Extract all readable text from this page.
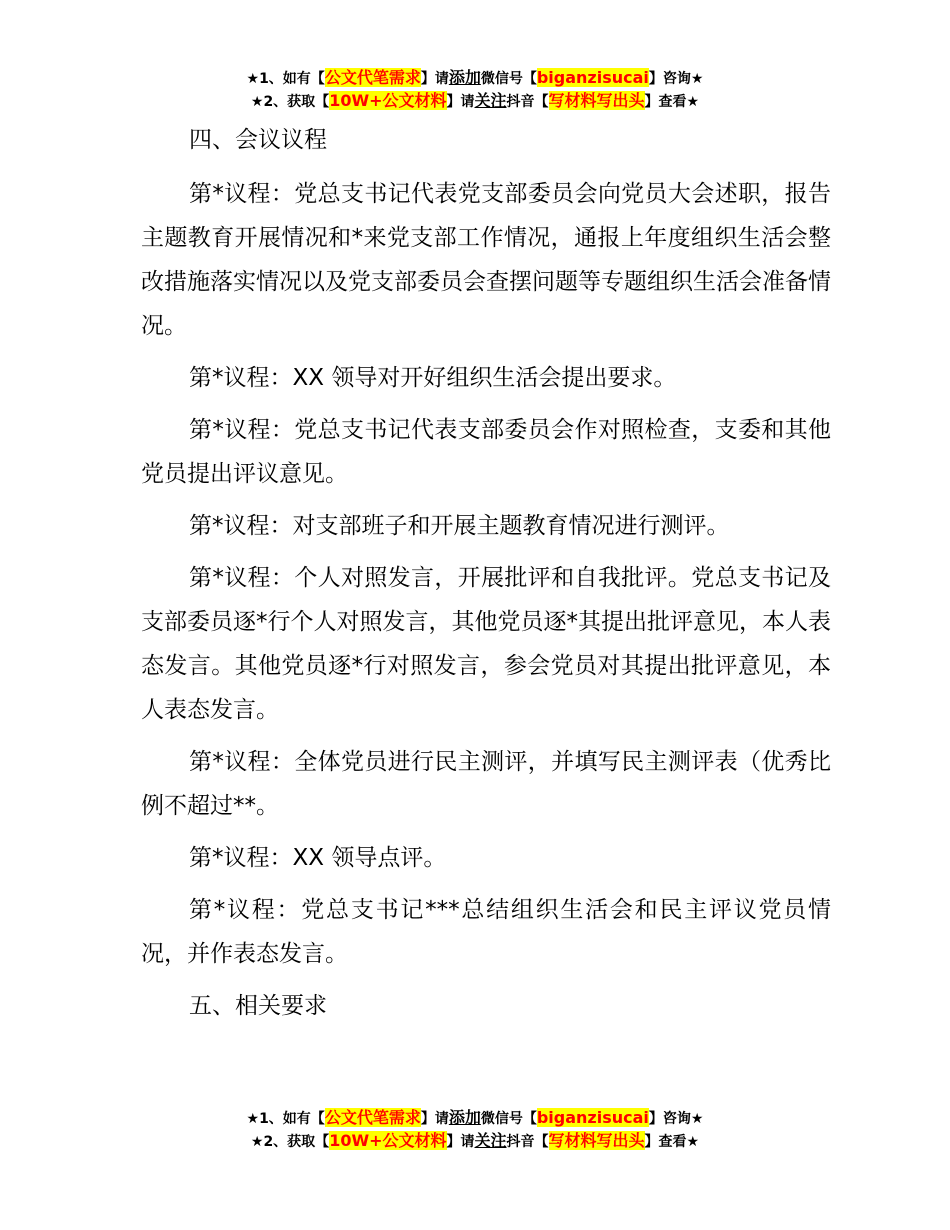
★1、如有【公文代笔需求】请添加微信号【biganzisucai】咨询★
★2、获取【10W+公文材料】请关注抖音【写材料写出头】查看★

四、会议议程

第*议程：党总支书记代表党支部委员会向党员大会述职，报告主题教育开展情况和*来党支部工作情况，通报上年度组织生活会整改措施落实情况以及党支部委员会查摆问题等专题组织生活会准备情况。

第*议程：XX 领导对开好组织生活会提出要求。

第*议程：党总支书记代表支部委员会作对照检查，支委和其他党员提出评议意见。

第*议程：对支部班子和开展主题教育情况进行测评。

第*议程：个人对照发言，开展批评和自我批评。党总支书记及支部委员逐*行个人对照发言，其他党员逐*其提出批评意见，本人表态发言。其他党员逐*行对照发言，参会党员对其提出批评意见，本人表态发言。

第*议程：全体党员进行民主测评，并填写民主测评表（优秀比例不超过**。

第*议程：XX 领导点评。

第*议程：党总支书记***总结组织生活会和民主评议党员情况，并作表态发言。

五、相关要求

★1、如有【公文代笔需求】请添加微信号【biganzisucai】咨询★
★2、获取【10W+公文材料】请关注抖音【写材料写出头】查看★
